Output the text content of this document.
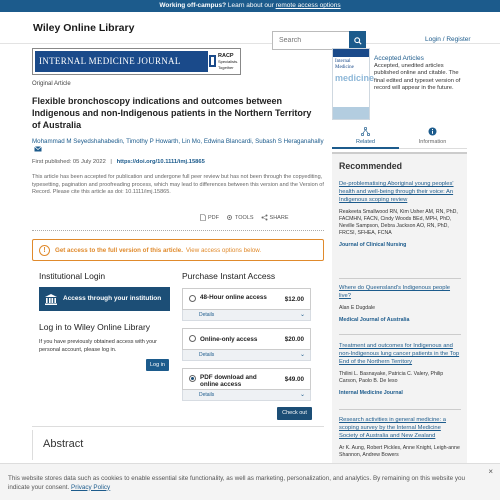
Working off-campus? Learn about our remote access options
Wiley Online Library
Search
Login / Register
INTERNAL MEDICINE JOURNAL	RACP
Specialists. Together
Original Article
Flexible bronchoscopy indications and outcomes between Indigenous and non-Indigenous patients in the Northern Territory of Australia
Mohammad M Seyedshahabedin, Timothy P Howarth, Lin Mo, Edwina Blancardi, Subash S Heraganahally
First published: 05 July 2022 | https://doi.org/10.1111/imj.15865
This article has been accepted for publication and undergone full peer review but has not been through the copyediting, typesetting, pagination and proofreading process, which may lead to differences between this version and the Version of Record. Please cite this article as doi: 10.1111/imj.15865.
PDF	TOOLS	SHARE
!	Get access to the full version of this article. View access options below.
Institutional Login
Access through your institution
Log in to Wiley Online Library
If you have previously obtained access with your personal account, please log in.
Log in
Purchase Instant Access
48-Hour online access	$12.00
Details	⌄
Online-only access	$20.00
Details	⌄
PDF download and online access
$49.00
Details	⌄
Check out
Abstract
Internal
Medicine
medicine
Accepted Articles
Accepted, unedited articles published online and citable. The final edited and typeset version of record will appear in the future.
Related	Information
Recommended
De-problematising Aboriginal young peoples' health and well-being through their voice: An Indigenous scoping review
Reakeeta Smallwood RN, Kim Usher AM, RN, PhD, FACMHN, FACN, Cindy Woods BEd, MPH, PhD, Neville Sampson, Debra Jackson AO, RN, PhD, FRCSI, SFHEA, FCNA
Journal of Clinical Nursing
Where do Queensland's Indigenous people live?
Alan E Dugdale
Medical Journal of Australia
Treatment and outcomes for Indigenous and non-Indigenous lung cancer patients in the Top End of the Northern Territory
Thilini L. Basnayake, Patricia C. Valery, Philip Carson, Paolo B. De Ieso
Internal Medicine Journal
Research activities in general medicine: a scoping survey by the Internal Medicine Society of Australia and New Zealand
Ar K. Aung, Robert Pickles, Anne Knight, Leigh-anne Shannon, Andrew Bowers
×
This website stores data such as cookies to enable essential site functionality, as well as marketing, personalization, and analytics. By remaining on this website you indicate your consent. Privacy Policy
